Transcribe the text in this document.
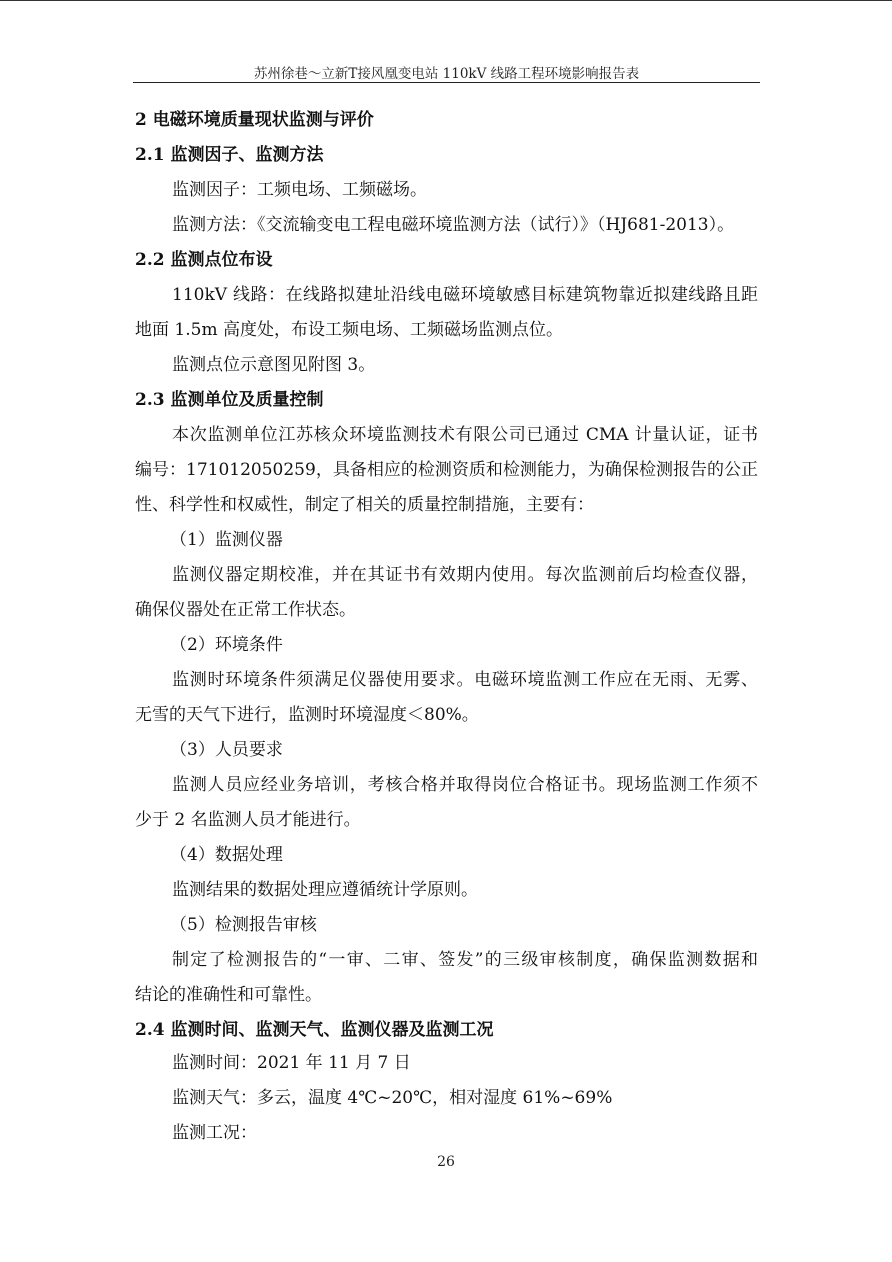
苏州徐巷～立新T接风凰变电站 110kV 线路工程环境影响报告表
2 电磁环境质量现状监测与评价
2.1 监测因子、监测方法
监测因子：工频电场、工频磁场。
监测方法：《交流输变电工程电磁环境监测方法（试行）》（HJ681-2013）。
2.2 监测点位布设
110kV 线路：在线路拟建址沿线电磁环境敏感目标建筑物靠近拟建线路且距
地面 1.5m 高度处，布设工频电场、工频磁场监测点位。
监测点位示意图见附图 3。
2.3 监测单位及质量控制
本次监测单位江苏核众环境监测技术有限公司已通过 CMA 计量认证，证书
编号：171012050259，具备相应的检测资质和检测能力，为确保检测报告的公正
性、科学性和权威性，制定了相关的质量控制措施，主要有：
（1）监测仪器
监测仪器定期校准，并在其证书有效期内使用。每次监测前后均检查仪器，
确保仪器处在正常工作状态。
（2）环境条件
监测时环境条件须满足仪器使用要求。电磁环境监测工作应在无雨、无雾、
无雪的天气下进行，监测时环境湿度＜80%。
（3）人员要求
监测人员应经业务培训，考核合格并取得岗位合格证书。现场监测工作须不
少于 2 名监测人员才能进行。
（4）数据处理
监测结果的数据处理应遵循统计学原则。
（5）检测报告审核
制定了检测报告的“一审、二审、签发”的三级审核制度，确保监测数据和
结论的准确性和可靠性。
2.4 监测时间、监测天气、监测仪器及监测工况
监测时间：2021 年 11 月 7 日
监测天气：多云，温度 4℃~20℃，相对湿度 61%~69%
监测工况：
26
